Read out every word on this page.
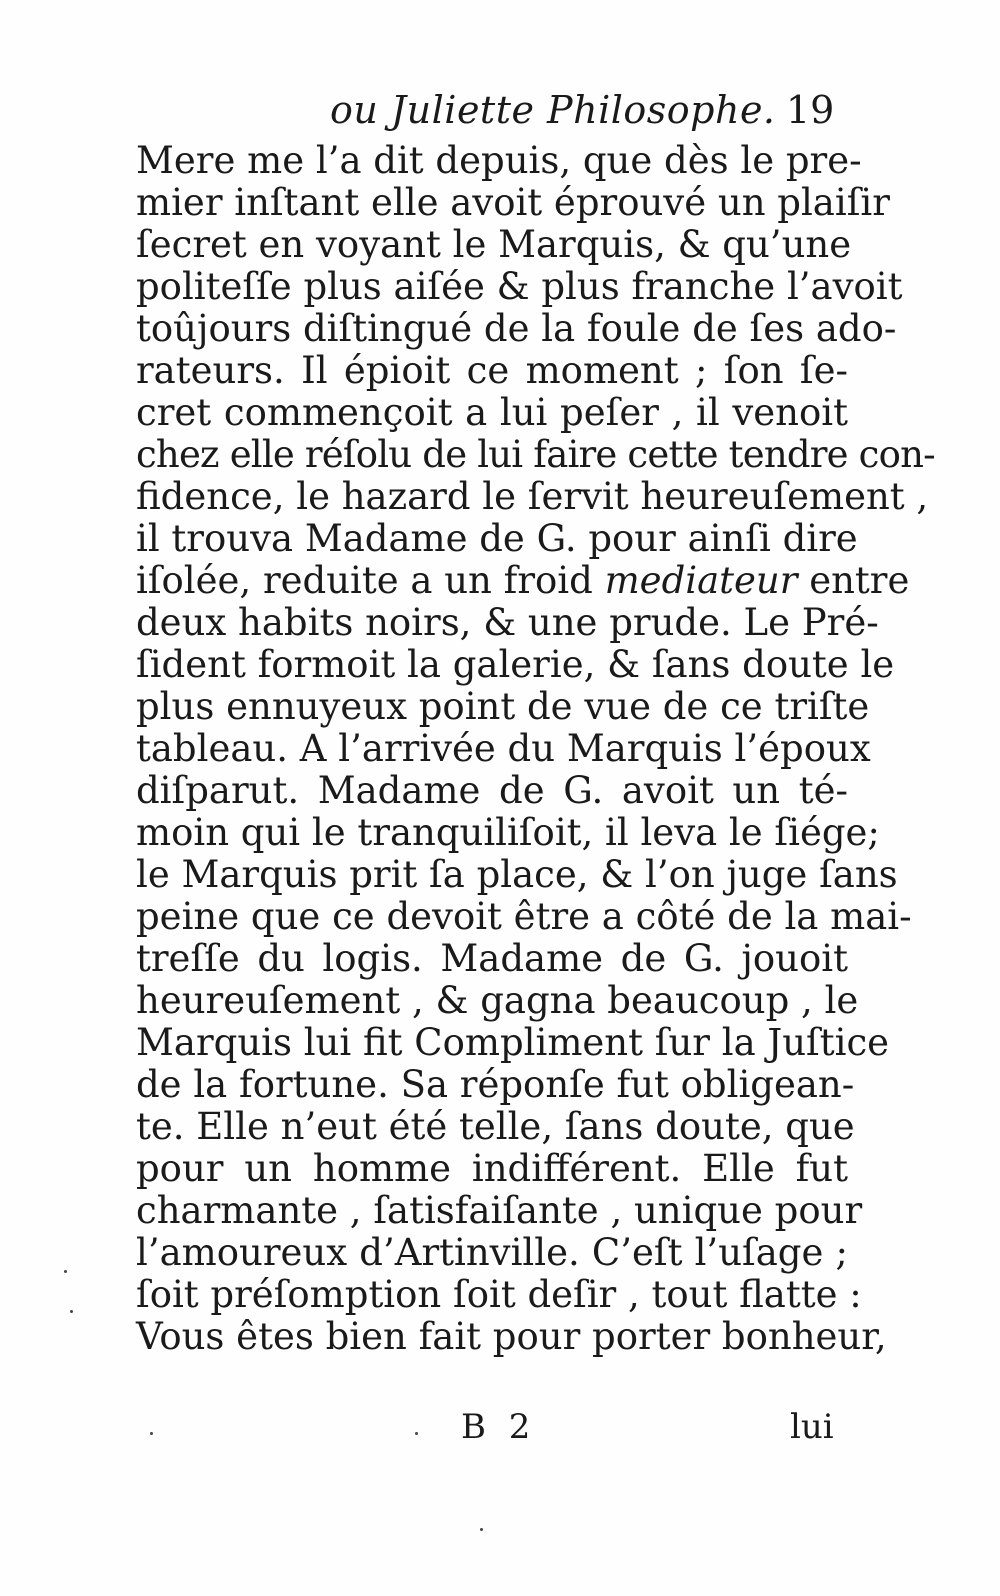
ou Juliette Philosophe. 19
Mere me l’a dit depuis, que dès le pre-
mier inſtant elle avoit éprouvé un plaiſir
ſecret en voyant le Marquis, & qu’une
politeſſe plus aiſée & plus franche l’avoit
toûjours diſtingué de la foule de ſes ado-
rateurs. Il épioit ce moment ; ſon ſe-
cret commençoit a lui peſer , il venoit
chez elle réſolu de lui faire cette tendre con-
fidence, le hazard le ſervit heureuſement ,
il trouva Madame de G. pour ainſi dire
iſolée, reduite a un froid mediateur entre
deux habits noirs, & une prude. Le Pré-
ſident formoit la galerie, & ſans doute le
plus ennuyeux point de vue de ce triſte
tableau. A l’arrivée du Marquis l’époux
diſparut. Madame de G. avoit un té-
moin qui le tranquiliſoit, il leva le ſiége;
le Marquis prit ſa place, & l’on juge ſans
peine que ce devoit être a côté de la mai-
treſſe du logis. Madame de G. jouoit
heureuſement , & gagna beaucoup , le
Marquis lui fit Compliment ſur la Juſtice
de la fortune. Sa réponſe fut obligean-
te. Elle n’eut été telle, ſans doute, que
pour un homme indifférent. Elle fut
charmante , ſatisfaiſante , unique pour
l’amoureux d’Artinville. C’eſt l’uſage ;
ſoit préſomption ſoit deſir , tout flatte :
Vous êtes bien fait pour porter bonheur,
B 2	lui
